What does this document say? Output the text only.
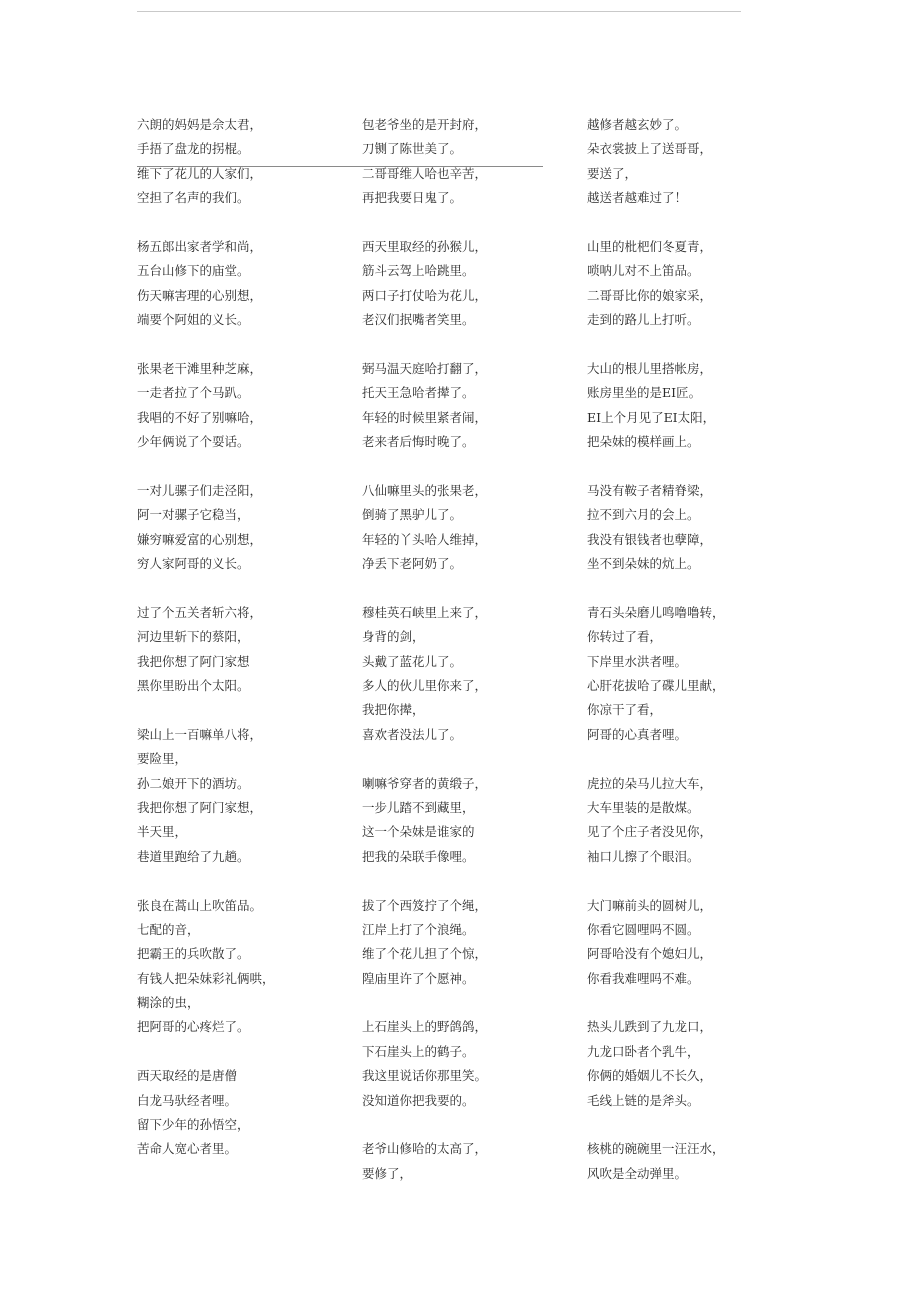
六朗的妈妈是佘太君，
手捂了盘龙的拐棍。
维下了花儿的人家们，
空担了名声的我们。
杨五郎出家者学和尚，
五台山修下的庙堂。
伤天嘛害理的心别想，
端要个阿姐的义长。
张果老干滩里种芝麻，
一走者拉了个马趴。
我唱的不好了别嘛哈，
少年俩说了个耍话。
一对儿骡子们走泾阳，
阿一对骡子它稳当，
嫌穷嘛爱富的心别想，
穷人家阿哥的义长。
过了个五关者斩六将，
河边里斩下的蔡阳，
我把你想了阿门家想
黑你里盼出个太阳。
梁山上一百嘛单八将，
要险里，
孙二娘开下的酒坊。
我把你想了阿门家想，
半天里，
巷道里跑给了九趟。
张良在蒿山上吹笛品。
七配的音，
把霸王的兵吹散了。
有钱人把朵妹彩礼俩哄，
糊涂的虫，
把阿哥的心疼烂了。
西天取经的是唐僧
白龙马驮经者哩。
留下少年的孙悟空，
苦命人宽心者里。
包老爷坐的是开封府，
刀铡了陈世美了。
二哥哥维人哈也辛苦，
再把我要日鬼了。
西天里取经的孙猴儿，
筋斗云驾上哈跳里。
两口子打仗哈为花儿，
老汉们抿嘴者笑里。
弼马温天庭哈打翻了，
托天王急哈者撵了。
年轻的时候里紧者闹，
老来者后悔时晚了。
八仙嘛里头的张果老，
倒骑了黑驴儿了。
年轻的丫头哈人维掉，
净丢下老阿奶了。
穆桂英石峡里上来了，
身背的剑，
头戴了蓝花儿了。
多人的伙儿里你来了，
我把你撵，
喜欢者没法儿了。
喇嘛爷穿者的黄缎子，
一步儿踏不到藏里，
这一个朵妹是谁家的
把我的朵联手像哩。
拔了个西笈拧了个绳，
江岸上打了个浪绳。
维了个花儿担了个惊，
隍庙里许了个愿神。
上石崖头上的野鸽鸽，
下石崖头上的鹤子。
我这里说话你那里笑。
没知道你把我要的。
老爷山修哈的太高了，
要修了，
越修者越玄妙了。
朵衣裳披上了送哥哥，
要送了，
越送者越难过了！
山里的枇杷们冬夏青，
唢呐儿对不上笛品。
二哥哥比你的娘家采，
走到的路儿上打听。
大山的根儿里搭帐房，
账房里坐的是EI匠。
EI上个月见了EI太阳，
把朵妹的模样画上。
马没有鞍子者精脊梁，
拉不到六月的会上。
我没有银钱者也孽障，
坐不到朵妹的炕上。
青石头朵磨儿鸣噜噜转，
你转过了看，
下岸里水洪者哩。
心肝花拔哈了碟儿里献，
你凉干了看，
阿哥的心真者哩。
虎拉的朵马儿拉大车，
大车里装的是散煤。
见了个庄子者没见你，
袖口儿擦了个眼泪。
大门嘛前头的圆树儿，
你看它圆哩吗不圆。
阿哥哈没有个媳妇儿，
你看我难哩吗不难。
热头儿跌到了九龙口，
九龙口卧者个乳牛，
你俩的婚姻儿不长久，
毛线上链的是斧头。
核桃的碗碗里一汪汪水，
风吹是全动弹里。
